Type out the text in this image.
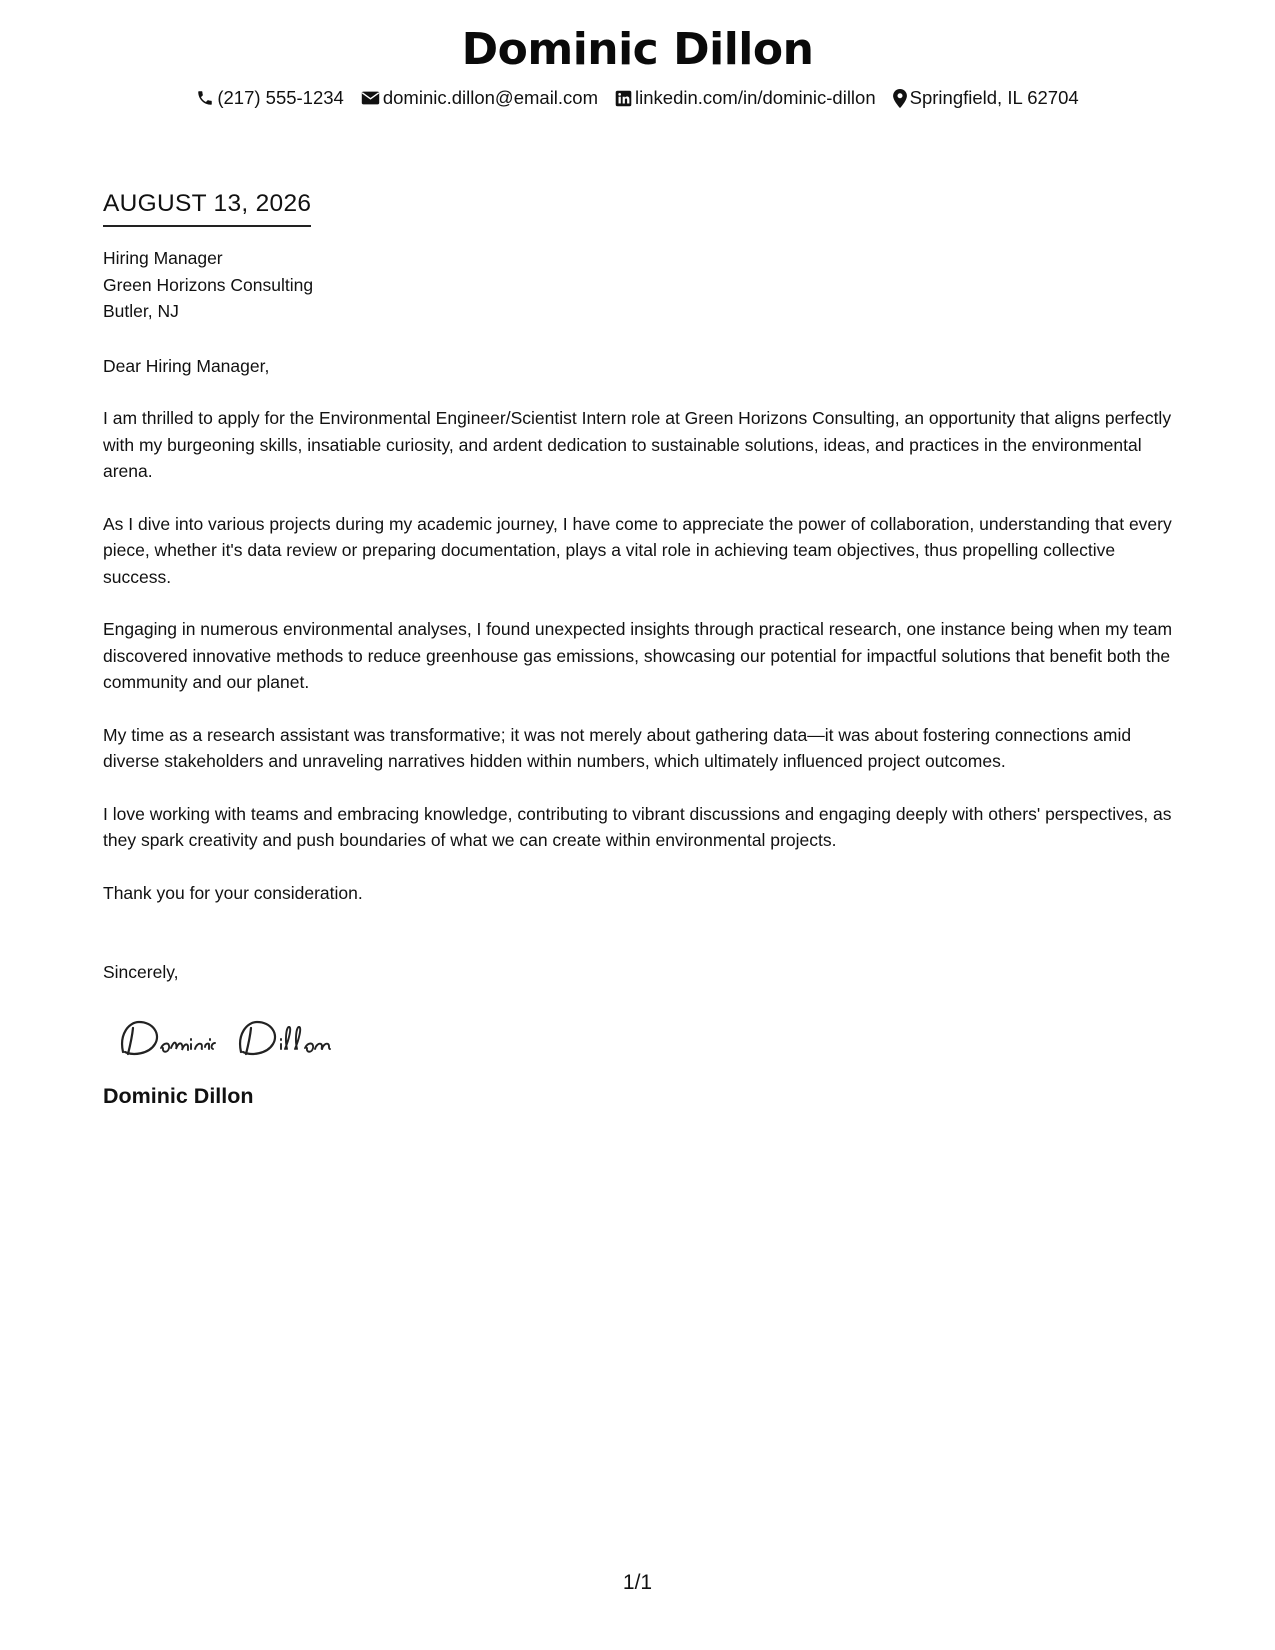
Dominic Dillon
(217) 555-1234 dominic.dillon@email.com linkedin.com/in/dominic-dillon Springfield, IL 62704
AUGUST 13, 2026
Hiring Manager
Green Horizons Consulting
Butler, NJ
Dear Hiring Manager,
I am thrilled to apply for the Environmental Engineer/Scientist Intern role at Green Horizons Consulting, an opportunity that aligns perfectly with my burgeoning skills, insatiable curiosity, and ardent dedication to sustainable solutions, ideas, and practices in the environmental arena.
As I dive into various projects during my academic journey, I have come to appreciate the power of collaboration, understanding that every piece, whether it's data review or preparing documentation, plays a vital role in achieving team objectives, thus propelling collective success.
Engaging in numerous environmental analyses, I found unexpected insights through practical research, one instance being when my team discovered innovative methods to reduce greenhouse gas emissions, showcasing our potential for impactful solutions that benefit both the community and our planet.
My time as a research assistant was transformative; it was not merely about gathering data—it was about fostering connections amid diverse stakeholders and unraveling narratives hidden within numbers, which ultimately influenced project outcomes.
I love working with teams and embracing knowledge, contributing to vibrant discussions and engaging deeply with others' perspectives, as they spark creativity and push boundaries of what we can create within environmental projects.
Thank you for your consideration.
Sincerely,
Dominic Dillon
1/1
